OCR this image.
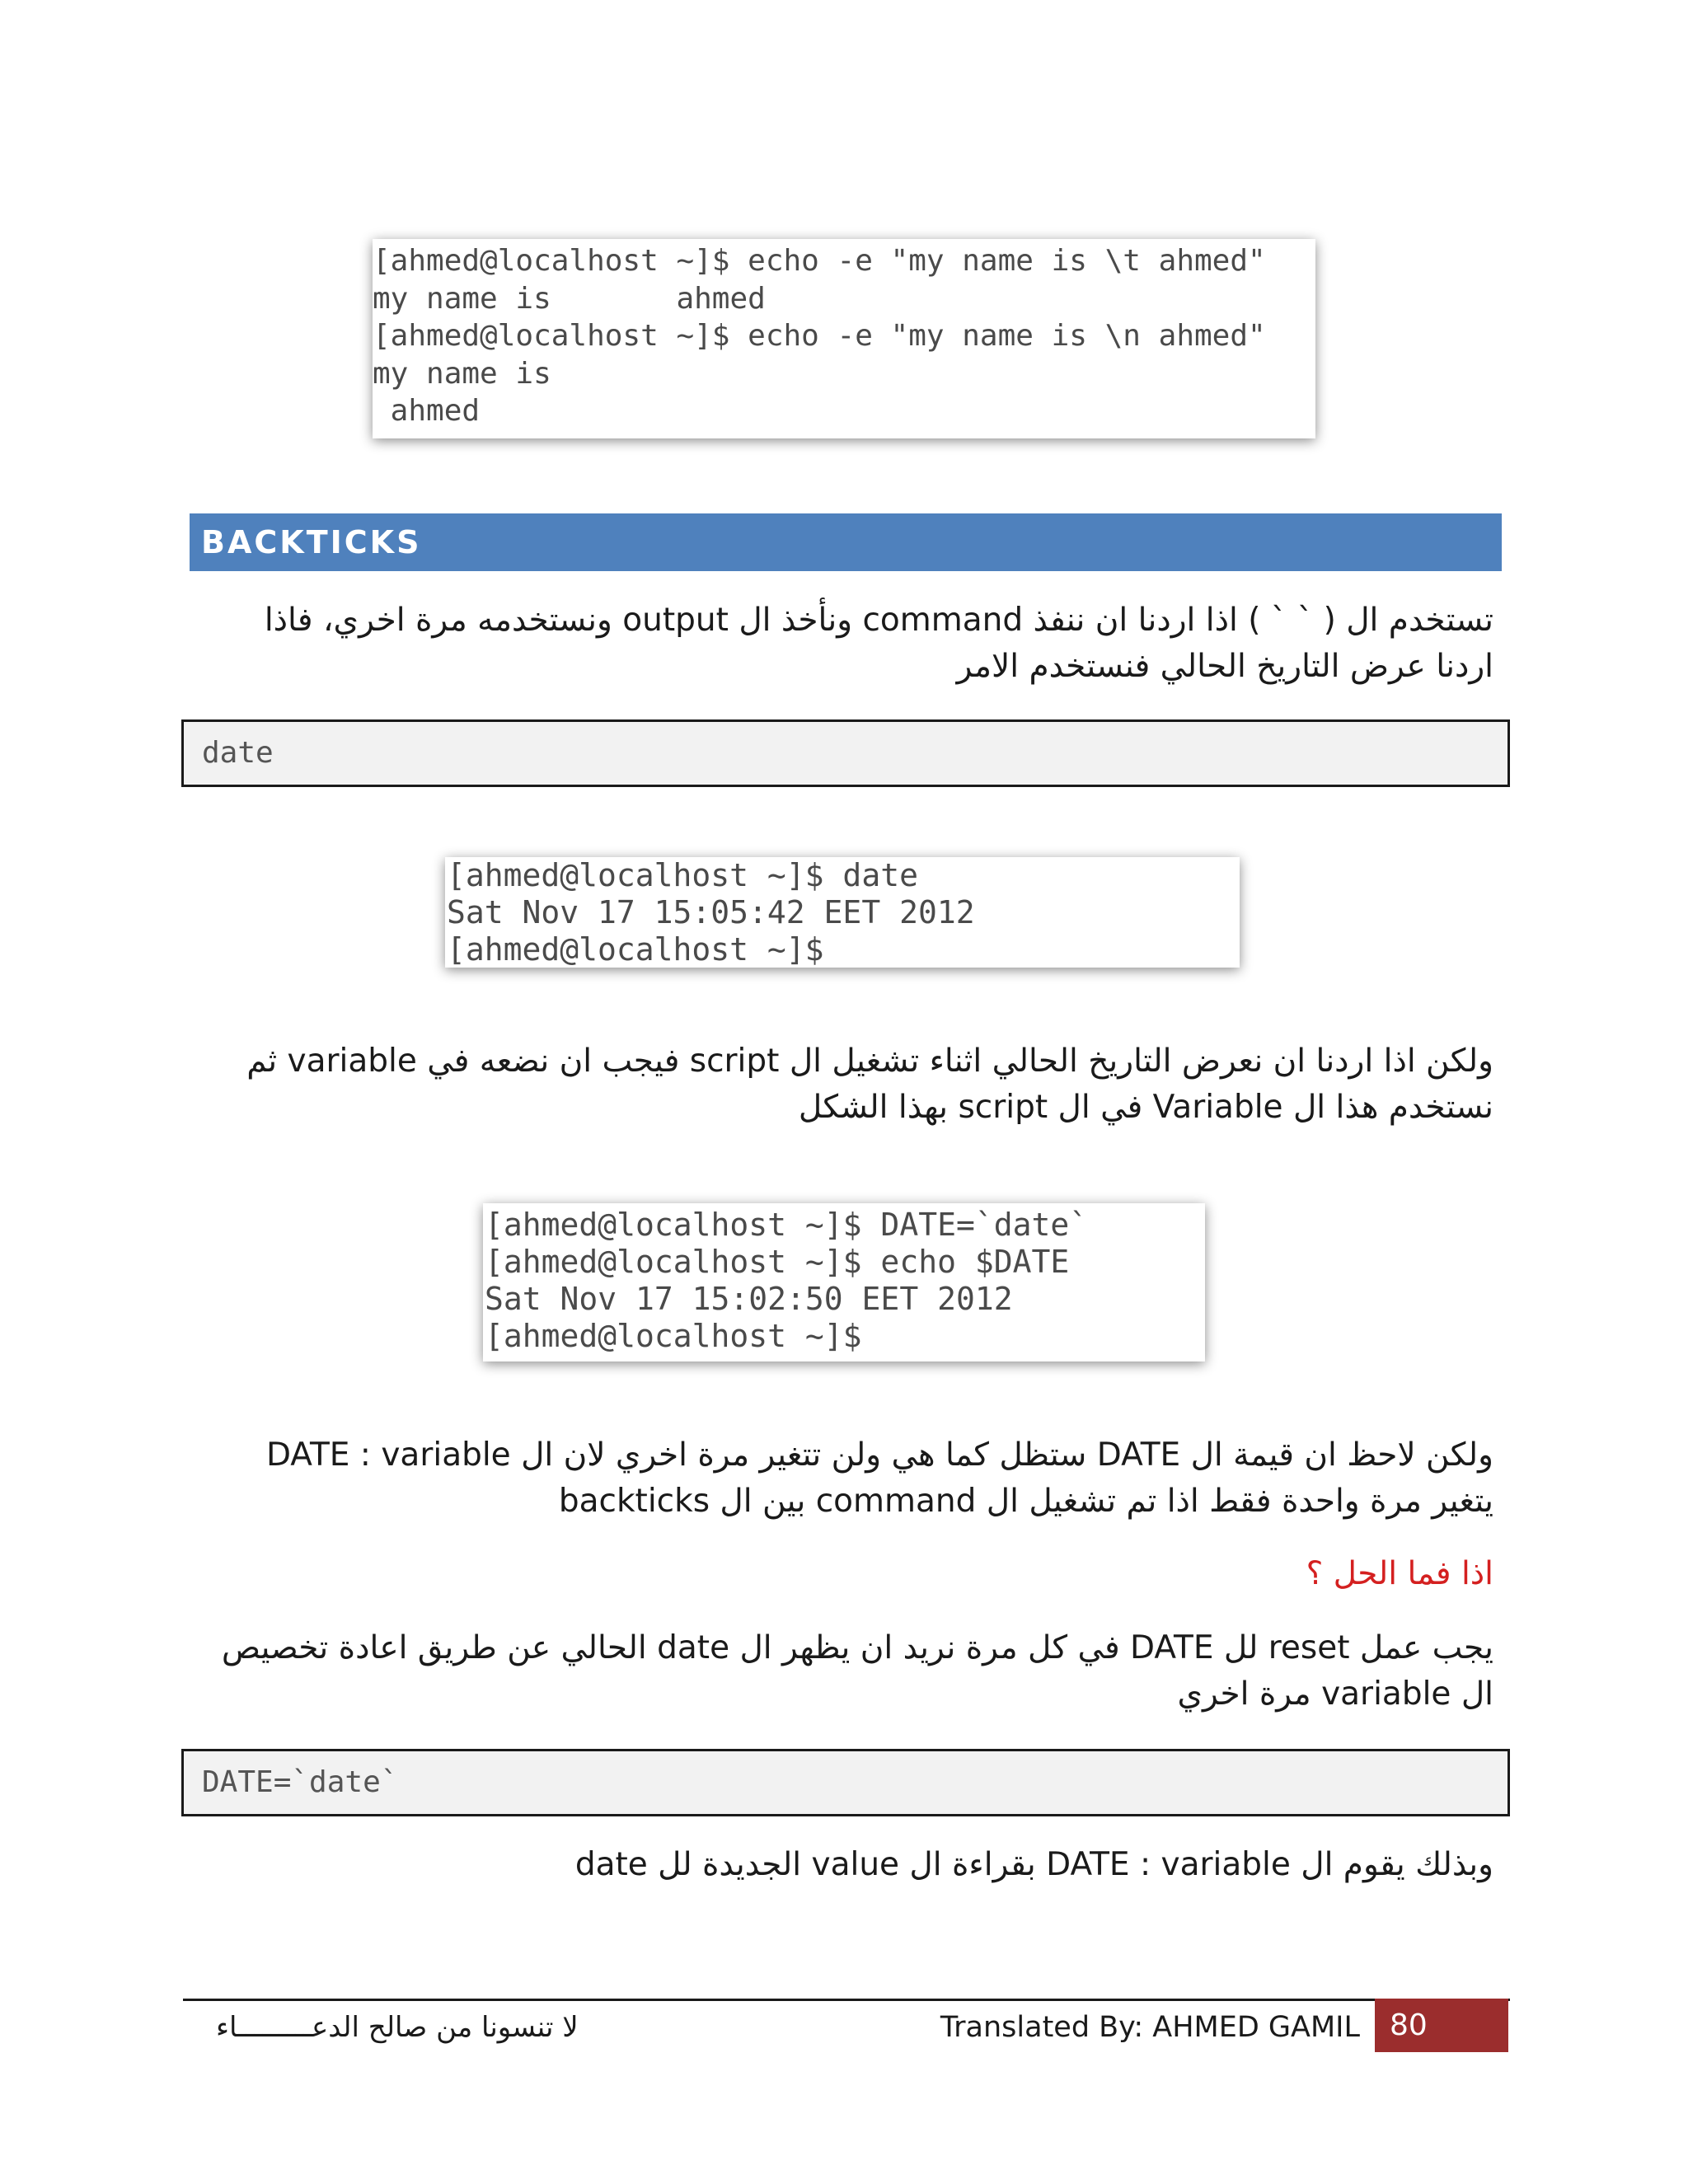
[ahmed@localhost ~]$ echo -e "my name is \t ahmed"
my name is       ahmed
[ahmed@localhost ~]$ echo -e "my name is \n ahmed"
my name is
ahmed
BACKTICKS
تستخدم ال ( ` ` ) اذا اردنا ان ننفذ command ونأخذ ال output ونستخدمه مرة اخري، فاذا
اردنا عرض التاريخ الحالي فنستخدم الامر
date
[ahmed@localhost ~]$ date
Sat Nov 17 15:05:42 EET 2012
[ahmed@localhost ~]$
ولكن اذا اردنا ان نعرض التاريخ الحالي اثناء تشغيل ال script فيجب ان نضعه في variable ثم
نستخدم هذا ال Variable في ال script بهذا الشكل
[ahmed@localhost ~]$ DATE=`date`
[ahmed@localhost ~]$ echo $DATE
Sat Nov 17 15:02:50 EET 2012
[ahmed@localhost ~]$
ولكن لاحظ ان قيمة ال DATE ستظل كما هي ولن تتغير مرة اخري لان ال DATE : variable
يتغير مرة واحدة فقط اذا تم تشغيل ال command بين ال backticks
اذا فما الحل ؟
يجب عمل reset لل DATE في كل مرة نريد ان يظهر ال date الحالي عن طريق اعادة تخصيص
ال variable مرة اخري
DATE=`date`
وبذلك يقوم ال DATE : variable بقراءة ال value الجديدة لل date
لا تنسونا من صالح الدعـــــــــاء	Translated By: AHMED GAMIL	80
